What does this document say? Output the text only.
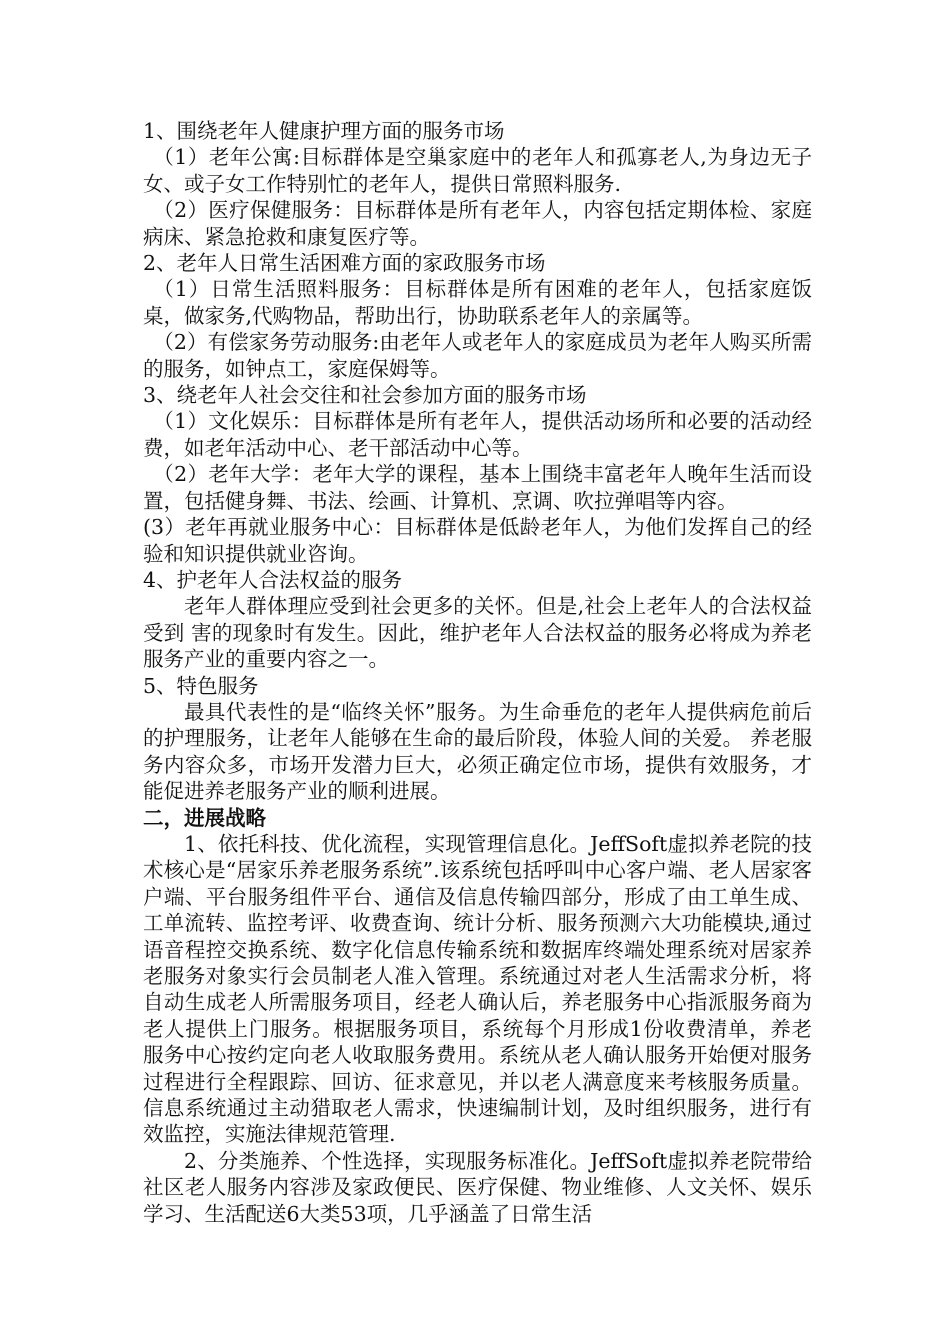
1、围绕老年人健康护理方面的服务市场

（1）老年公寓:目标群体是空巢家庭中的老年人和孤寡老人,为身边无子女、或子女工作特别忙的老年人，提供日常照料服务.

（2）医疗保健服务：目标群体是所有老年人，内容包括定期体检、家庭病床、紧急抢救和康复医疗等。

2、老年人日常生活困难方面的家政服务市场

（1）日常生活照料服务：目标群体是所有困难的老年人，包括家庭饭桌，做家务,代购物品，帮助出行，协助联系老年人的亲属等。

（2）有偿家务劳动服务:由老年人或老年人的家庭成员为老年人购买所需的服务，如钟点工，家庭保姆等。

3、绕老年人社会交往和社会参加方面的服务市场

（1）文化娱乐：目标群体是所有老年人，提供活动场所和必要的活动经费，如老年活动中心、老干部活动中心等。

（2）老年大学：老年大学的课程，基本上围绕丰富老年人晚年生活而设置，包括健身舞、书法、绘画、计算机、烹调、吹拉弹唱等内容。

(3）老年再就业服务中心：目标群体是低龄老年人，为他们发挥自己的经验和知识提供就业咨询。

4、护老年人合法权益的服务

老年人群体理应受到社会更多的关怀。但是,社会上老年人的合法权益受到 害的现象时有发生。因此，维护老年人合法权益的服务必将成为养老服务产业的重要内容之一。

5、特色服务

最具代表性的是“临终关怀”服务。为生命垂危的老年人提供病危前后的护理服务，让老年人能够在生命的最后阶段，体验人间的关爱。 养老服务内容众多，市场开发潜力巨大，必须正确定位市场，提供有效服务，才能促进养老服务产业的顺利进展。

二，进展战略

1、依托科技、优化流程，实现管理信息化。JeffSoft虚拟养老院的技术核心是“居家乐养老服务系统”.该系统包括呼叫中心客户端、老人居家客户端、平台服务组件平台、通信及信息传输四部分，形成了由工单生成、工单流转、监控考评、收费查询、统计分析、服务预测六大功能模块,通过语音程控交换系统、数字化信息传输系统和数据库终端处理系统对居家养老服务对象实行会员制老人准入管理。系统通过对老人生活需求分析，将自动生成老人所需服务项目，经老人确认后，养老服务中心指派服务商为老人提供上门服务。根据服务项目，系统每个月形成1份收费清单，养老服务中心按约定向老人收取服务费用。系统从老人确认服务开始便对服务过程进行全程跟踪、回访、征求意见，并以老人满意度来考核服务质量。信息系统通过主动猎取老人需求，快速编制计划，及时组织服务，进行有效监控，实施法律规范管理.

2、分类施养、个性选择，实现服务标准化。JeffSoft虚拟养老院带给社区老人服务内容涉及家政便民、医疗保健、物业维修、人文关怀、娱乐学习、生活配送6大类53项，几乎涵盖了日常生活
